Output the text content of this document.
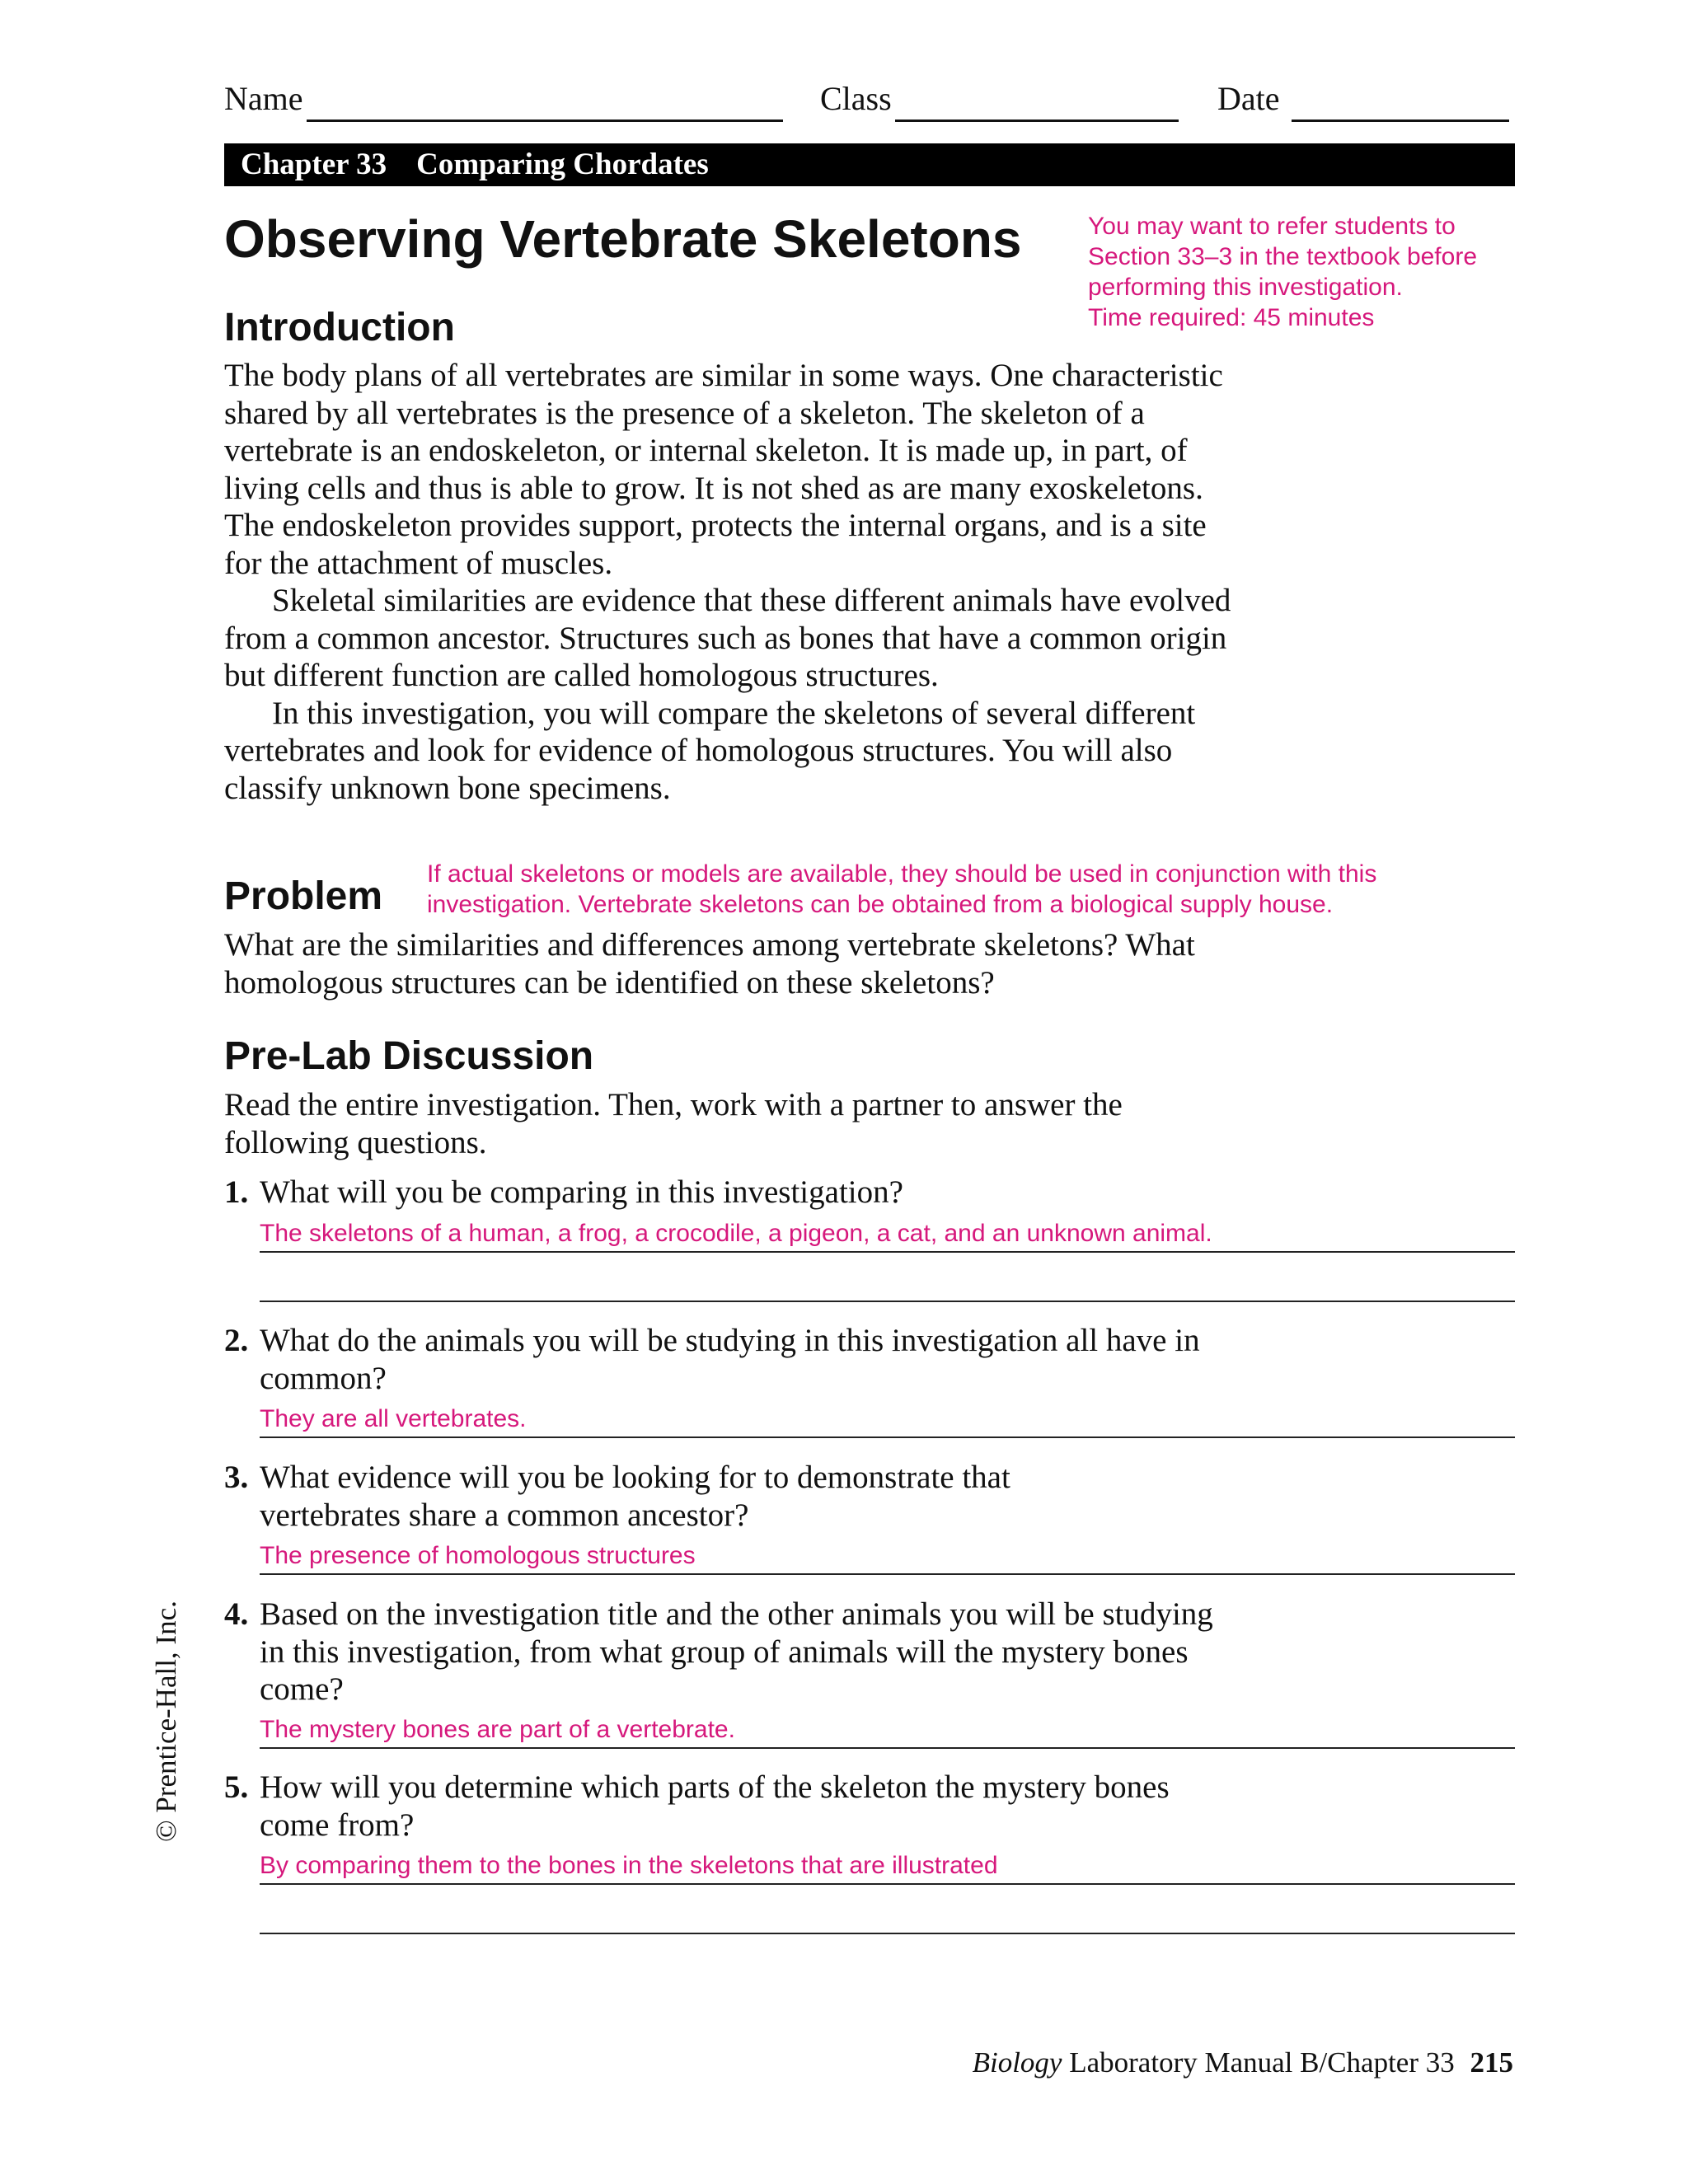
Name	Class	Date
Chapter 33 Comparing Chordates
Observing Vertebrate Skeletons	You may want to refer students to
Section 33–3 in the textbook before
performing this investigation.
Time required: 45 minutes
Introduction

The body plans of all vertebrates are similar in some ways. One characteristic shared by all vertebrates is the presence of a skeleton. The skeleton of a vertebrate is an endoskeleton, or internal skeleton. It is made up, in part, of living cells and thus is able to grow. It is not shed as are many exoskeletons. The endoskeleton provides support, protects the internal organs, and is a site for the attachment of muscles.

Skeletal similarities are evidence that these different animals have evolved from a common ancestor. Structures such as bones that have a common origin but different function are called homologous structures.

In this investigation, you will compare the skeletons of several different vertebrates and look for evidence of homologous structures. You will also classify unknown bone specimens.

Problem
If actual skeletons or models are available, they should be used in conjunction with this
investigation. Vertebrate skeletons can be obtained from a biological supply house.

What are the similarities and differences among vertebrate skeletons? What homologous structures can be identified on these skeletons?

Pre-Lab Discussion

Read the entire investigation. Then, work with a partner to answer the following questions.

1. What will you be comparing in this investigation?
The skeletons of a human, a frog, a crocodile, a pigeon, a cat, and an unknown animal.
2. What do the animals you will be studying in this investigation all have in common?
They are all vertebrates.
3. What evidence will you be looking for to demonstrate that vertebrates share a common ancestor?
The presence of homologous structures
4. Based on the investigation title and the other animals you will be studying in this investigation, from what group of animals will the mystery bones come?
The mystery bones are part of a vertebrate.
5. How will you determine which parts of the skeleton the mystery bones come from?
By comparing them to the bones in the skeletons that are illustrated
© Prentice-Hall, Inc.
Biology Laboratory Manual B/Chapter 33 215
